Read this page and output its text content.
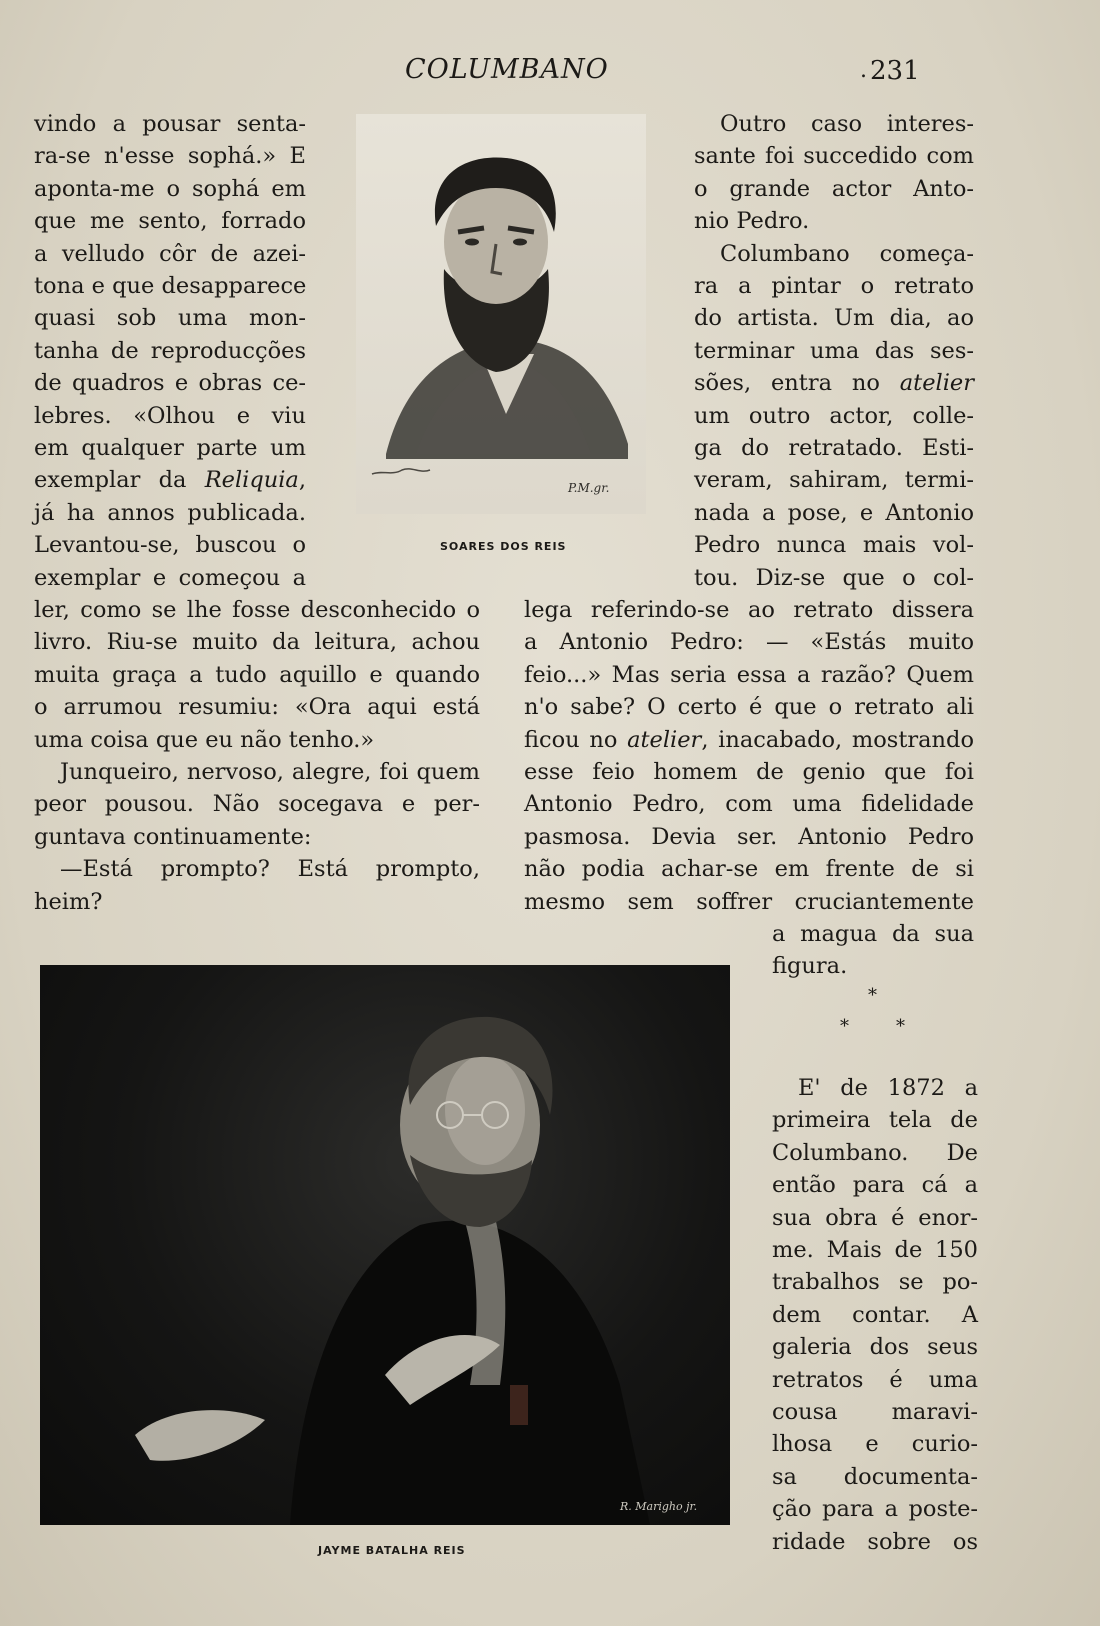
COLUMBANO	. 231
vindo a pousar senta-
ra-se n'esse sophá.» E
aponta-me o sophá em
que me sento, forrado
a velludo côr de azei-
tona e que desapparece
quasi sob uma mon-
tanha de reproducções
de quadros e obras ce-
lebres. «Olhou e viu
em qualquer parte um
exemplar da Reliquia,
já ha annos publicada.
Levantou-se, buscou o
exemplar e começou a
ler, como se lhe fosse desconhecido o
livro. Riu-se muito da leitura, achou
muita graça a tudo aquillo e quando
o arrumou resumiu: «Ora aqui está
uma coisa que eu não tenho.»
Junqueiro, nervoso, alegre, foi quem
peor pousou. Não socegava e per-
guntava continuamente:
—Está prompto? Está prompto,
heim?
Outro caso interes-
sante foi succedido com
o grande actor Anto-
nio Pedro.
Columbano começa-
ra a pintar o retrato
do artista. Um dia, ao
terminar uma das ses-
sões, entra no atelier
um outro actor, colle-
ga do retratado. Esti-
veram, sahiram, termi-
nada a pose, e Antonio
Pedro nunca mais vol-
tou. Diz-se que o col-
lega referindo-se ao retrato dissera
a Antonio Pedro: — «Estás muito
feio...» Mas seria essa a razão? Quem
n'o sabe? O certo é que o retrato ali
ficou no atelier, inacabado, mostrando
esse feio homem de genio que foi
Antonio Pedro, com uma fidelidade
pasmosa. Devia ser. Antonio Pedro
não podia achar-se em frente de si
mesmo sem soffrer cruciantemente
a magua da sua
figura.
*
*	*
E' de 1872 a
primeira tela de
Columbano. De
então para cá a
sua obra é enor-
me. Mais de 150
trabalhos se po-
dem contar. A
galeria dos seus
retratos é uma
cousa maravi-
lhosa e curio-
sa documenta-
ção para a poste-
ridade sobre os
P.M.gr.
SOARES DOS REIS
R. Marigho jr.
JAYME BATALHA REIS
